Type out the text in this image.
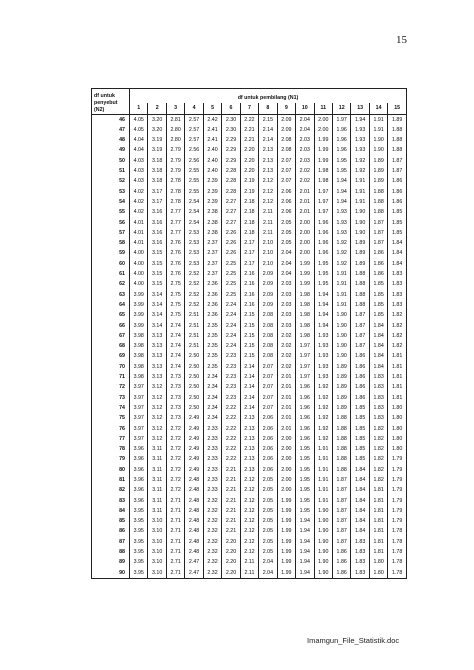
15
df untuk penyebut (N2)	df untuk pembilang (N1)														
	1	2	3	4	5	6	7	8	9	10	11	12	13	14	15
46	4.05	3.20	2.81	2.57	2.42	2.30	2.22	2.15	2.09	2.04	2.00	1.97	1.94	1.91	1.89
47	4.05	3.20	2.80	2.57	2.41	2.30	2.21	2.14	2.09	2.04	2.00	1.96	1.93	1.91	1.88
48	4.04	3.19	2.80	2.57	2.41	2.29	2.21	2.14	2.08	2.03	1.99	1.96	1.93	1.90	1.88
49	4.04	3.19	2.79	2.56	2.40	2.29	2.20	2.13	2.08	2.03	1.99	1.96	1.93	1.90	1.88
50	4.03	3.18	2.79	2.56	2.40	2.29	2.20	2.13	2.07	2.03	1.99	1.95	1.92	1.89	1.87
51	4.03	3.18	2.79	2.55	2.40	2.28	2.20	2.13	2.07	2.02	1.98	1.95	1.92	1.89	1.87
52	4.03	3.18	2.78	2.55	2.39	2.28	2.19	2.12	2.07	2.02	1.98	1.94	1.91	1.89	1.86
53	4.02	3.17	2.78	2.55	2.39	2.28	2.19	2.12	2.06	2.01	1.97	1.94	1.91	1.88	1.86
54	4.02	3.17	2.78	2.54	2.39	2.27	2.18	2.12	2.06	2.01	1.97	1.94	1.91	1.88	1.86
55	4.02	3.16	2.77	2.54	2.38	2.27	2.18	2.11	2.06	2.01	1.97	1.93	1.90	1.88	1.85
56	4.01	3.16	2.77	2.54	2.38	2.27	2.18	2.11	2.05	2.00	1.96	1.93	1.90	1.87	1.85
57	4.01	3.16	2.77	2.53	2.38	2.26	2.18	2.11	2.05	2.00	1.96	1.93	1.90	1.87	1.85
58	4.01	3.16	2.76	2.53	2.37	2.26	2.17	2.10	2.05	2.00	1.96	1.92	1.89	1.87	1.84
59	4.00	3.15	2.76	2.53	2.37	2.26	2.17	2.10	2.04	2.00	1.96	1.92	1.89	1.86	1.84
60	4.00	3.15	2.76	2.53	2.37	2.25	2.17	2.10	2.04	1.99	1.95	1.92	1.89	1.86	1.84
61	4.00	3.15	2.76	2.52	2.37	2.25	2.16	2.09	2.04	1.99	1.95	1.91	1.88	1.86	1.83
62	4.00	3.15	2.75	2.52	2.36	2.25	2.16	2.09	2.03	1.99	1.95	1.91	1.88	1.85	1.83
63	3.99	3.14	2.75	2.52	2.36	2.25	2.16	2.09	2.03	1.98	1.94	1.91	1.88	1.85	1.83
64	3.99	3.14	2.75	2.52	2.36	2.24	2.16	2.09	2.03	1.98	1.94	1.91	1.88	1.85	1.83
65	3.99	3.14	2.75	2.51	2.36	2.24	2.15	2.08	2.03	1.98	1.94	1.90	1.87	1.85	1.82
66	3.99	3.14	2.74	2.51	2.35	2.24	2.15	2.08	2.03	1.98	1.94	1.90	1.87	1.84	1.82
67	3.98	3.13	2.74	2.51	2.35	2.24	2.15	2.08	2.02	1.98	1.93	1.90	1.87	1.84	1.82
68	3.98	3.13	2.74	2.51	2.35	2.24	2.15	2.08	2.02	1.97	1.93	1.90	1.87	1.84	1.82
69	3.98	3.13	2.74	2.50	2.35	2.23	2.15	2.08	2.02	1.97	1.93	1.90	1.86	1.84	1.81
70	3.98	3.13	2.74	2.50	2.35	2.23	2.14	2.07	2.02	1.97	1.93	1.89	1.86	1.84	1.81
71	3.98	3.13	2.73	2.50	2.34	2.23	2.14	2.07	2.01	1.97	1.93	1.89	1.86	1.83	1.81
72	3.97	3.12	2.73	2.50	2.34	2.23	2.14	2.07	2.01	1.96	1.92	1.89	1.86	1.83	1.81
73	3.97	3.12	2.73	2.50	2.34	2.23	2.14	2.07	2.01	1.96	1.92	1.89	1.86	1.83	1.81
74	3.97	3.12	2.73	2.50	2.34	2.22	2.14	2.07	2.01	1.96	1.92	1.89	1.85	1.83	1.80
75	3.97	3.12	2.73	2.49	2.34	2.22	2.13	2.06	2.01	1.96	1.92	1.88	1.85	1.83	1.80
76	3.97	3.12	2.72	2.49	2.33	2.22	2.13	2.06	2.01	1.96	1.92	1.88	1.85	1.82	1.80
77	3.97	3.12	2.72	2.49	2.33	2.22	2.13	2.06	2.00	1.96	1.92	1.88	1.85	1.82	1.80
78	3.96	3.11	2.72	2.49	2.33	2.22	2.13	2.06	2.00	1.95	1.91	1.88	1.85	1.82	1.80
79	3.96	3.11	2.72	2.49	2.33	2.22	2.13	2.06	2.00	1.95	1.91	1.88	1.85	1.82	1.79
80	3.96	3.11	2.72	2.49	2.33	2.21	2.13	2.06	2.00	1.95	1.91	1.88	1.84	1.82	1.79
81	3.96	3.11	2.72	2.48	2.33	2.21	2.12	2.05	2.00	1.95	1.91	1.87	1.84	1.82	1.79
82	3.96	3.11	2.72	2.48	2.33	2.21	2.12	2.05	2.00	1.95	1.91	1.87	1.84	1.81	1.79
83	3.96	3.11	2.71	2.48	2.32	2.21	2.12	2.05	1.99	1.95	1.91	1.87	1.84	1.81	1.79
84	3.95	3.11	2.71	2.48	2.32	2.21	2.12	2.05	1.99	1.95	1.90	1.87	1.84	1.81	1.79
85	3.95	3.10	2.71	2.48	2.32	2.21	2.12	2.05	1.99	1.94	1.90	1.87	1.84	1.81	1.79
86	3.95	3.10	2.71	2.48	2.32	2.21	2.12	2.05	1.99	1.94	1.90	1.87	1.84	1.81	1.78
87	3.95	3.10	2.71	2.48	2.32	2.20	2.12	2.05	1.99	1.94	1.90	1.87	1.83	1.81	1.78
88	3.95	3.10	2.71	2.48	2.32	2.20	2.12	2.05	1.99	1.94	1.90	1.86	1.83	1.81	1.78
89	3.95	3.10	2.71	2.47	2.32	2.20	2.11	2.04	1.99	1.94	1.90	1.86	1.83	1.80	1.78
90	3.95	3.10	2.71	2.47	2.32	2.20	2.11	2.04	1.99	1.94	1.90	1.86	1.83	1.80	1.78
Imamgun_File_Statistik.doc
